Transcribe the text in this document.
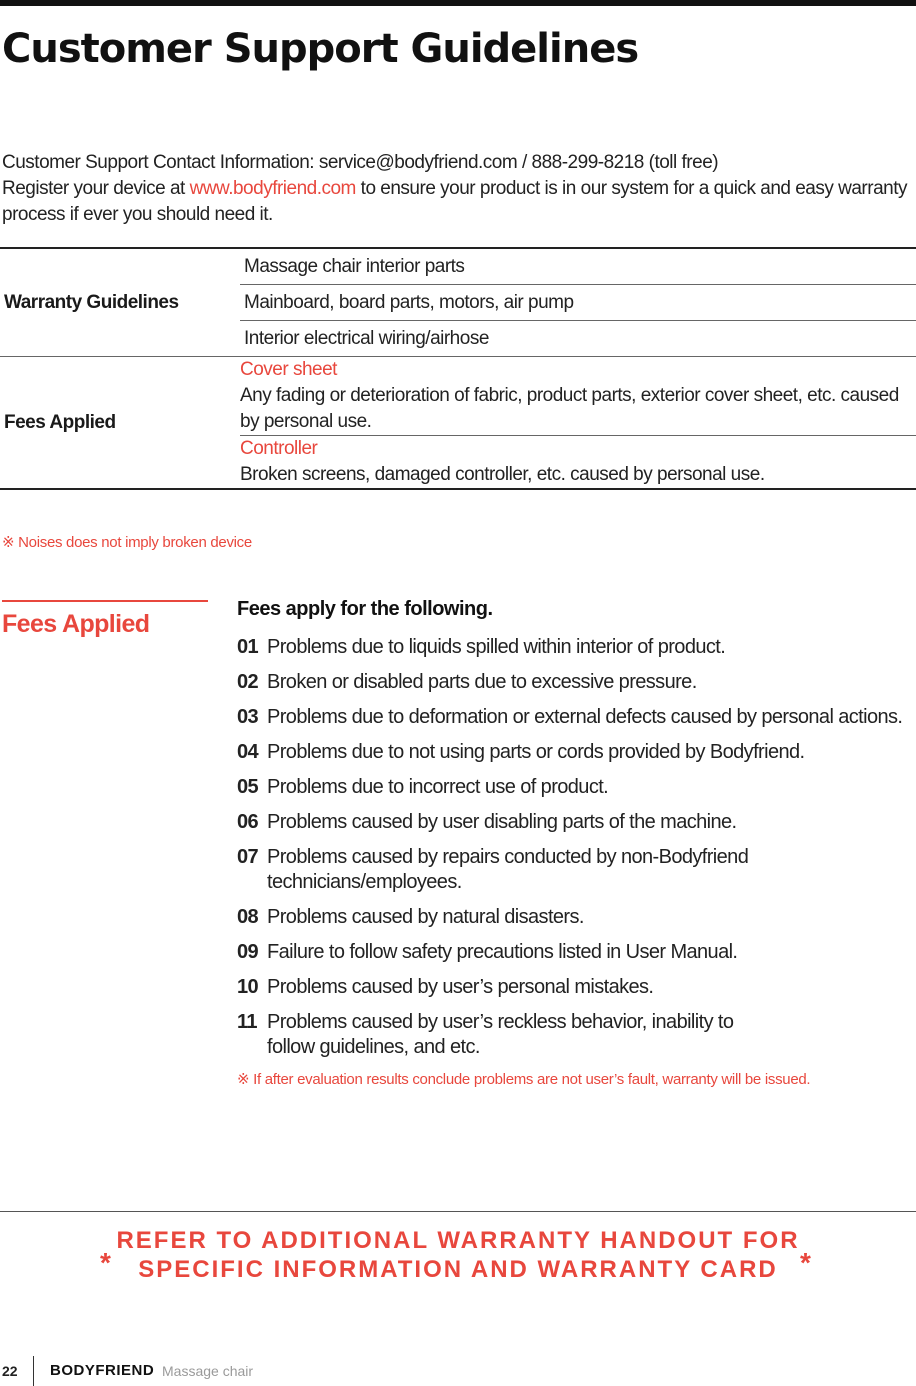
Customer Support Guidelines

Customer Support Contact Information: service@bodyfriend.com / 888-299-8218 (toll free)

Register your device at www.bodyfriend.com to ensure your product is in our system for a quick and easy warranty process if ever you should need it.

Warranty Guidelines	Massage chair interior parts
	Mainboard, board parts, motors, air pump
	Interior electrical wiring/airhose
Fees Applied	Cover sheet
Any fading or deterioration of fabric, product parts, exterior cover sheet, etc. caused by personal use.

	Controller
Broken screens, damaged controller, etc. caused by personal use.
※ Noises does not imply broken device
Fees Applied
Fees apply for the following.
01 Problems due to liquids spilled within interior of product.
02 Broken or disabled parts due to excessive pressure.
03 Problems due to deformation or external defects caused by personal actions.
04 Problems due to not using parts or cords provided by Bodyfriend.
05 Problems due to incorrect use of product.
06 Problems caused by user disabling parts of the machine.
07 Problems caused by repairs conducted by non-Bodyfriend technicians/employees.
08 Problems caused by natural disasters.
09 Failure to follow safety precautions listed in User Manual.
10 Problems caused by user’s personal mistakes.
11 Problems caused by user’s reckless behavior, inability to follow guidelines, and etc.
※ If after evaluation results conclude problems are not user’s fault, warranty will be issued.
*
REFER TO ADDITIONAL WARRANTY HANDOUT FOR
SPECIFIC INFORMATION AND WARRANTY CARD *
22 BODYFRIEND Massage chair
